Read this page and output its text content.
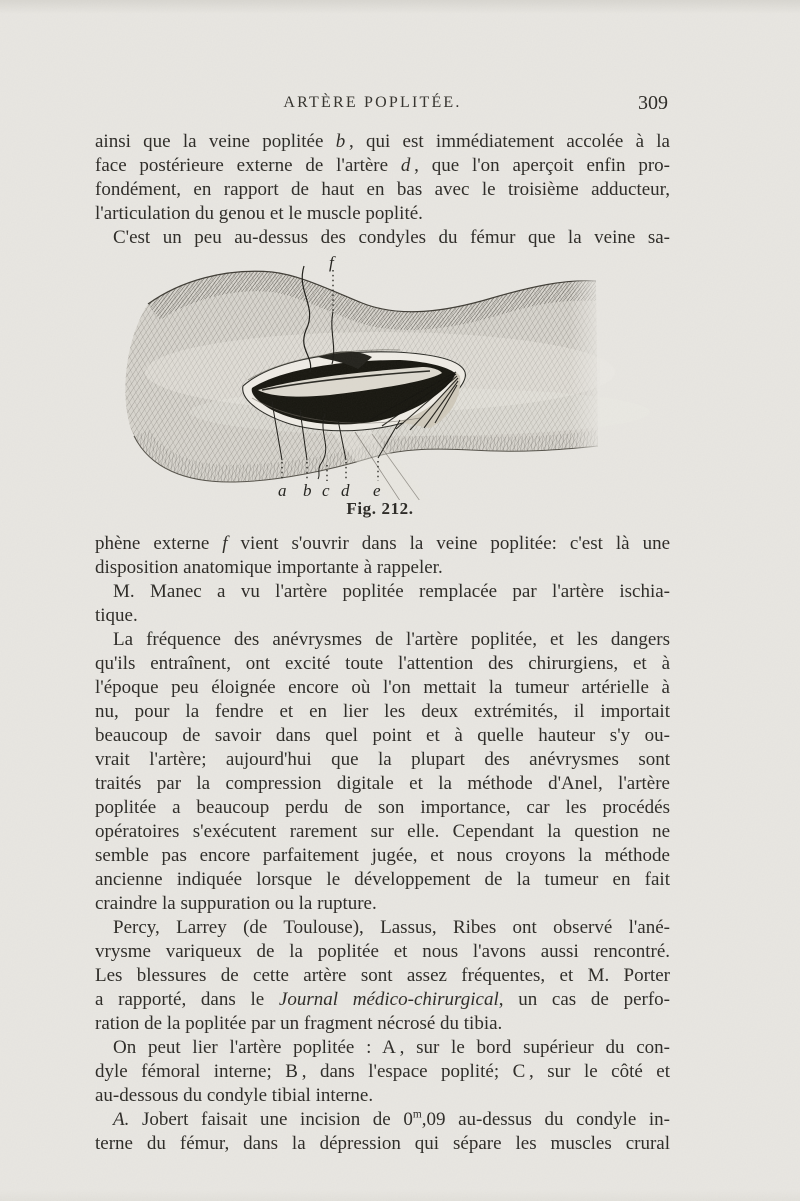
ARTÈRE POPLITÉE.	309
ainsi que la veine poplitée b , qui est immédiatement accolée à la
face postérieure externe de l'artère d , que l'on aperçoit enfin pro-
fondément, en rapport de haut en bas avec le troisième adducteur,
l'articulation du genou et le muscle poplité.
C'est un peu au-dessus des condyles du fémur que la veine sa-
a b c d e
f
Fig. 212.
phène externe f vient s'ouvrir dans la veine poplitée: c'est là une
disposition anatomique importante à rappeler.
M. Manec a vu l'artère poplitée remplacée par l'artère ischia-
tique.
La fréquence des anévrysmes de l'artère poplitée, et les dangers
qu'ils entraînent, ont excité toute l'attention des chirurgiens, et à
l'époque peu éloignée encore où l'on mettait la tumeur artérielle à
nu, pour la fendre et en lier les deux extrémités, il importait
beaucoup de savoir dans quel point et à quelle hauteur s'y ou-
vrait l'artère; aujourd'hui que la plupart des anévrysmes sont
traités par la compression digitale et la méthode d'Anel, l'artère
poplitée a beaucoup perdu de son importance, car les procédés
opératoires s'exécutent rarement sur elle. Cependant la question ne
semble pas encore parfaitement jugée, et nous croyons la méthode
ancienne indiquée lorsque le développement de la tumeur en fait
craindre la suppuration ou la rupture.
Percy, Larrey (de Toulouse), Lassus, Ribes ont observé l'ané-
vrysme variqueux de la poplitée et nous l'avons aussi rencontré.
Les blessures de cette artère sont assez fréquentes, et M. Porter
a rapporté, dans le Journal médico-chirurgical, un cas de perfo-
ration de la poplitée par un fragment nécrosé du tibia.
On peut lier l'artère poplitée : A , sur le bord supérieur du con-
dyle fémoral interne; B , dans l'espace poplité; C , sur le côté et
au-dessous du condyle tibial interne.
A. Jobert faisait une incision de 0$^m$,09 au-dessus du condyle in-
terne du fémur, dans la dépression qui sépare les muscles crural
